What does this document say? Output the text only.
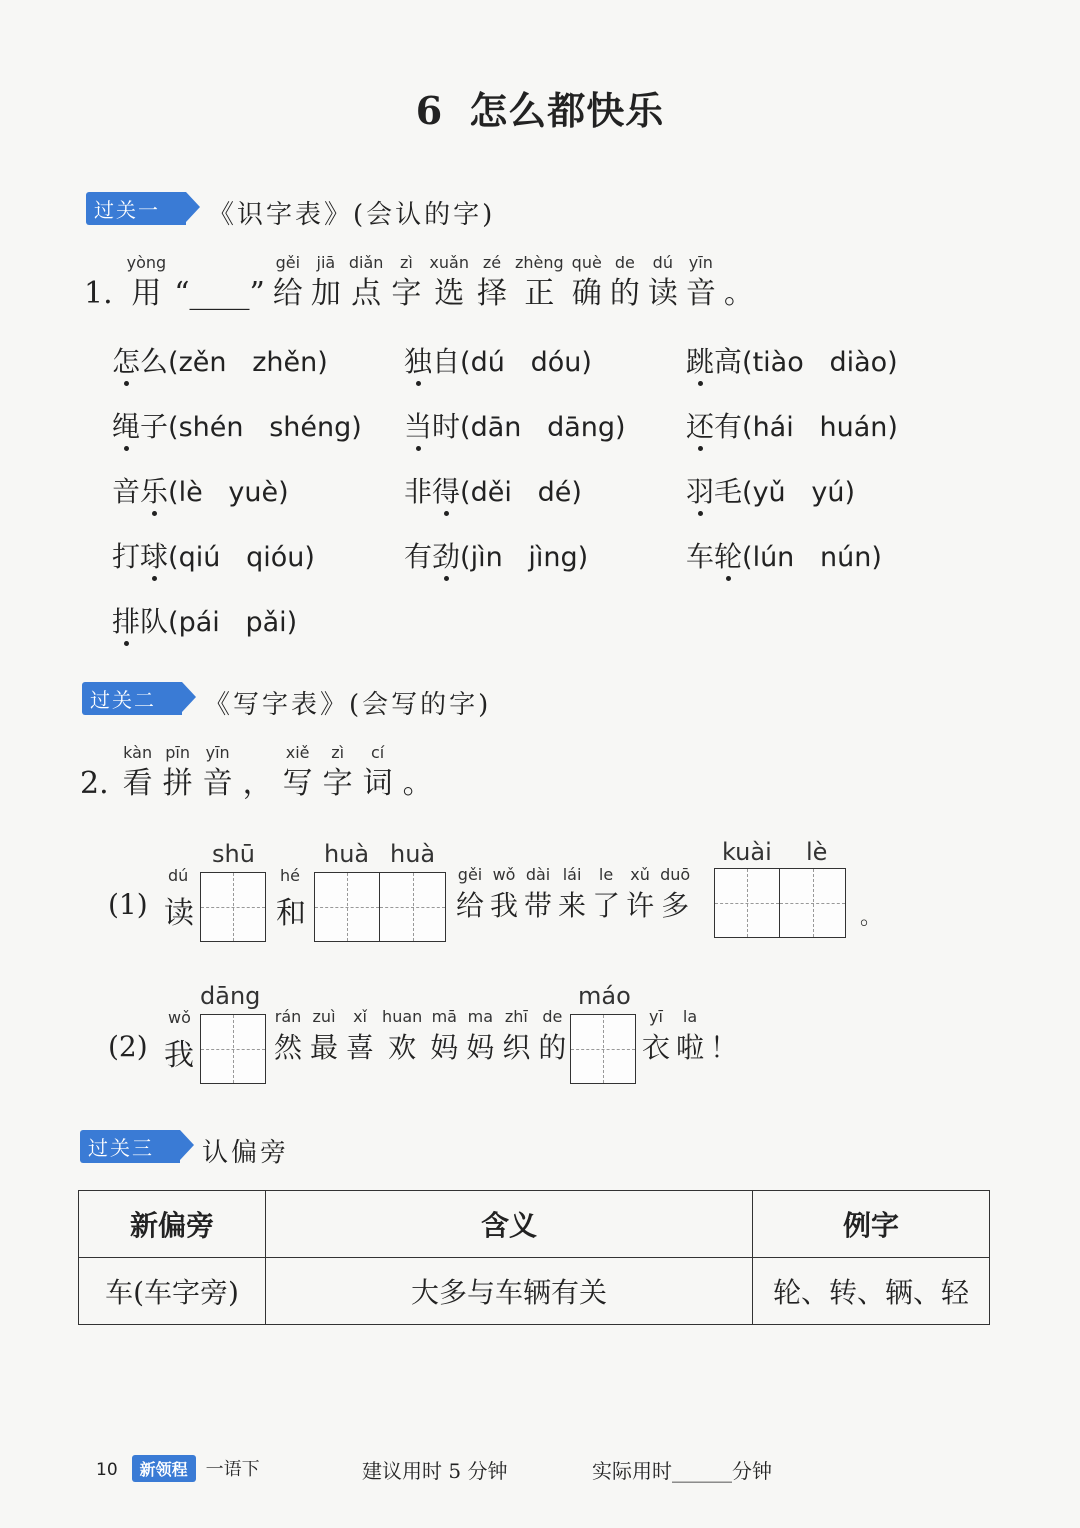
6 怎么都快乐
过关一 《识字表》(会认的字)
1.
yòng
用 “____”
gěi
给
jiā
加
diǎn
点
zì
字
xuǎn
选
zé
择
zhèng
正
què
确
de
的
dú
读
yīn
音 。
怎么(zěn   zhěn)	独自(dú   dóu)	跳高(tiào   diào)
绳子(shén   shéng) 当时(dān   dāng) 还有(hái   huán)
音乐(lè   yuè)	非得(děi   dé)	羽毛(yǔ   yú)
打球(qiú   qióu)	有劲(jìn   jìng)	车轮(lún   nún)
排队(pái   pǎi)
过关二 《写字表》(会写的字)
2.
kàn
看
pīn
拼
yīn
音 ，
xiě
写
zì
字
cí
词 。
(1)
dú
读
shū
hé
和
huà huà
gěi
给
wǒ
我
dài
带
lái
来
le
了
xǔ
许
duō
多
kuài lè
。
(2)
wǒ
我
dāng
rán
然
zuì
最
xǐ
喜
huan
欢
mā
妈
ma
妈
zhī
织
de
的
máo
yī
衣
la
啦 ！
过关三 认偏旁
新偏旁	含义	例字
车(车字旁)	大多与车辆有关	轮、转、辆、轻
10 新领程 一语下	建议用时 5 分钟	实际用时______分钟
